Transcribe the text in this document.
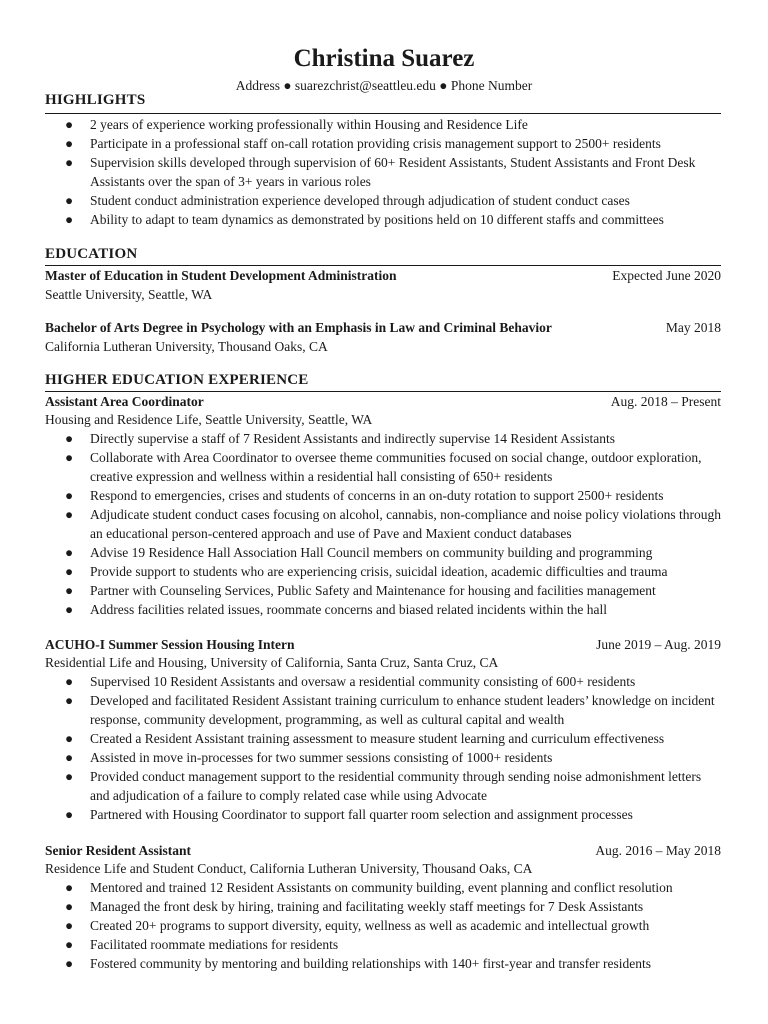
Christina Suarez
Address ● suarezchrist@seattleu.edu ● Phone Number
HIGHLIGHTS
● 2 years of experience working professionally within Housing and Residence Life
● Participate in a professional staff on-call rotation providing crisis management support to 2500+ residents
● Supervision skills developed through supervision of 60+ Resident Assistants, Student Assistants and Front Desk Assistants over the span of 3+ years in various roles
● Student conduct administration experience developed through adjudication of student conduct cases
● Ability to adapt to team dynamics as demonstrated by positions held on 10 different staffs and committees
EDUCATION
Master of Education in Student Development Administration	Expected June 2020
Seattle University, Seattle, WA
Bachelor of Arts Degree in Psychology with an Emphasis in Law and Criminal Behavior	May 2018
California Lutheran University, Thousand Oaks, CA
HIGHER EDUCATION EXPERIENCE
Assistant Area Coordinator	Aug. 2018 – Present
Housing and Residence Life, Seattle University, Seattle, WA
● Directly supervise a staff of 7 Resident Assistants and indirectly supervise 14 Resident Assistants
● Collaborate with Area Coordinator to oversee theme communities focused on social change, outdoor exploration, creative expression and wellness within a residential hall consisting of 650+ residents
● Respond to emergencies, crises and students of concerns in an on-duty rotation to support 2500+ residents
● Adjudicate student conduct cases focusing on alcohol, cannabis, non-compliance and noise policy violations through an educational person-centered approach and use of Pave and Maxient conduct databases
● Advise 19 Residence Hall Association Hall Council members on community building and programming
● Provide support to students who are experiencing crisis, suicidal ideation, academic difficulties and trauma
● Partner with Counseling Services, Public Safety and Maintenance for housing and facilities management
● Address facilities related issues, roommate concerns and biased related incidents within the hall
ACUHO-I Summer Session Housing Intern	June 2019 – Aug. 2019
Residential Life and Housing, University of California, Santa Cruz, Santa Cruz, CA
● Supervised 10 Resident Assistants and oversaw a residential community consisting of 600+ residents
● Developed and facilitated Resident Assistant training curriculum to enhance student leaders’ knowledge on incident response, community development, programming, as well as cultural capital and wealth
● Created a Resident Assistant training assessment to measure student learning and curriculum effectiveness
● Assisted in move in-processes for two summer sessions consisting of 1000+ residents
● Provided conduct management support to the residential community through sending noise admonishment letters and adjudication of a failure to comply related case while using Advocate
● Partnered with Housing Coordinator to support fall quarter room selection and assignment processes
Senior Resident Assistant	Aug. 2016 – May 2018
Residence Life and Student Conduct, California Lutheran University, Thousand Oaks, CA
● Mentored and trained 12 Resident Assistants on community building, event planning and conflict resolution
● Managed the front desk by hiring, training and facilitating weekly staff meetings for 7 Desk Assistants
● Created 20+ programs to support diversity, equity, wellness as well as academic and intellectual growth
● Facilitated roommate mediations for residents
● Fostered community by mentoring and building relationships with 140+ first-year and transfer residents
